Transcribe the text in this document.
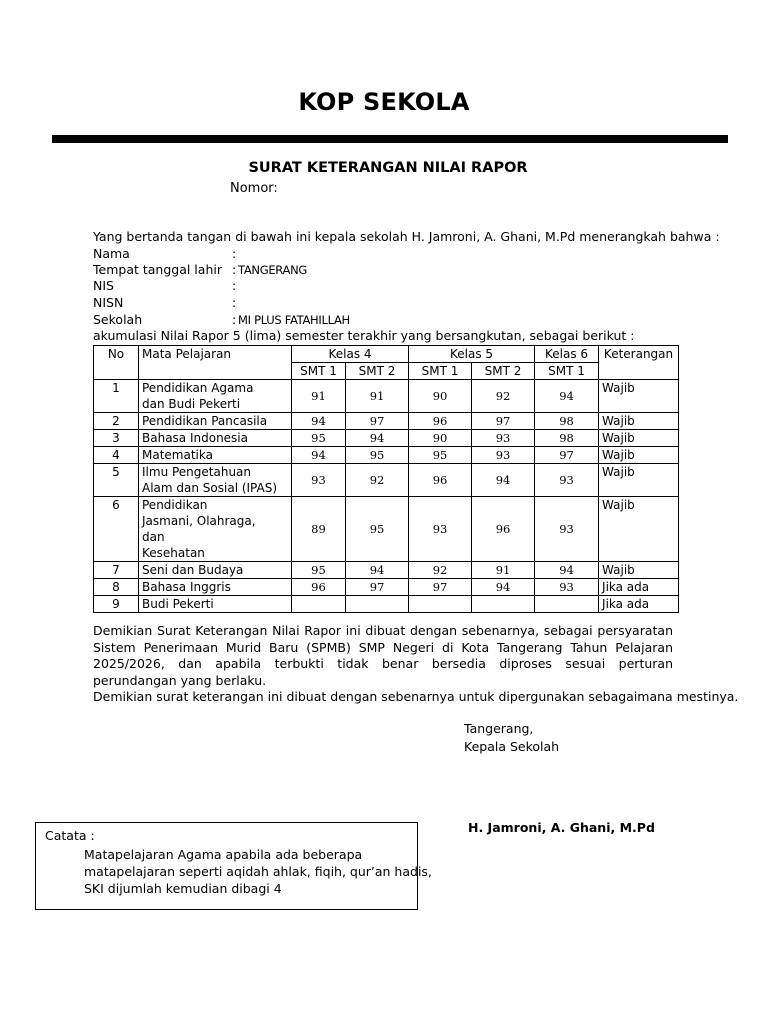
KOP SEKOLA
SURAT KETERANGAN NILAI RAPOR
Nomor:
Yang bertanda tangan di bawah ini kepala sekolah H. Jamroni, A. Ghani, M.Pd menerangkah bahwa :
Nama	:
Tempat tanggal lahir : TANGERANG
NIS	:
NISN	:
Sekolah	: MI PLUS FATAHILLAH
akumulasi Nilai Rapor 5 (lima) semester terakhir yang bersangkutan, sebagai berikut :
No	Mata Pelajaran	Kelas 4		Kelas 5		Kelas 6	Keterangan
		SMT 1	SMT 2	SMT 1	SMT 2	SMT 1	
1	Pendidikan Agama
dan Budi Pekerti	91	91	90	92	94	Wajib
2	Pendidikan Pancasila	94	97	96	97	98	Wajib
3	Bahasa Indonesia	95	94	90	93	98	Wajib
4	Matematika	94	95	95	93	97	Wajib
5	Ilmu Pengetahuan
Alam dan Sosial (IPAS)	93	92	96	94	93	Wajib
6	Pendidikan
Jasmani, Olahraga,
dan
Kesehatan	89	95	93	96	93	Wajib
7	Seni dan Budaya	95	94	92	91	94	Wajib
8	Bahasa Inggris	96	97	97	94	93	Jika ada
9	Budi Pekerti						Jika ada
Demikian Surat Keterangan Nilai Rapor ini dibuat dengan sebenarnya, sebagai persyaratan Sistem Penerimaan Murid Baru (SPMB) SMP Negeri di Kota Tangerang Tahun Pelajaran 2025/2026, dan apabila terbukti tidak benar bersedia diproses sesuai perturan perundangan yang berlaku.
Demikian surat keterangan ini dibuat dengan sebenarnya untuk dipergunakan sebagaimana mestinya.
Tangerang,
Kepala Sekolah
H. Jamroni, A. Ghani, M.Pd
Catata :
Matapelajaran Agama apabila ada beberapa
matapelajaran seperti aqidah ahlak, fiqih, qur’an hadis,
SKI dijumlah kemudian dibagi 4
